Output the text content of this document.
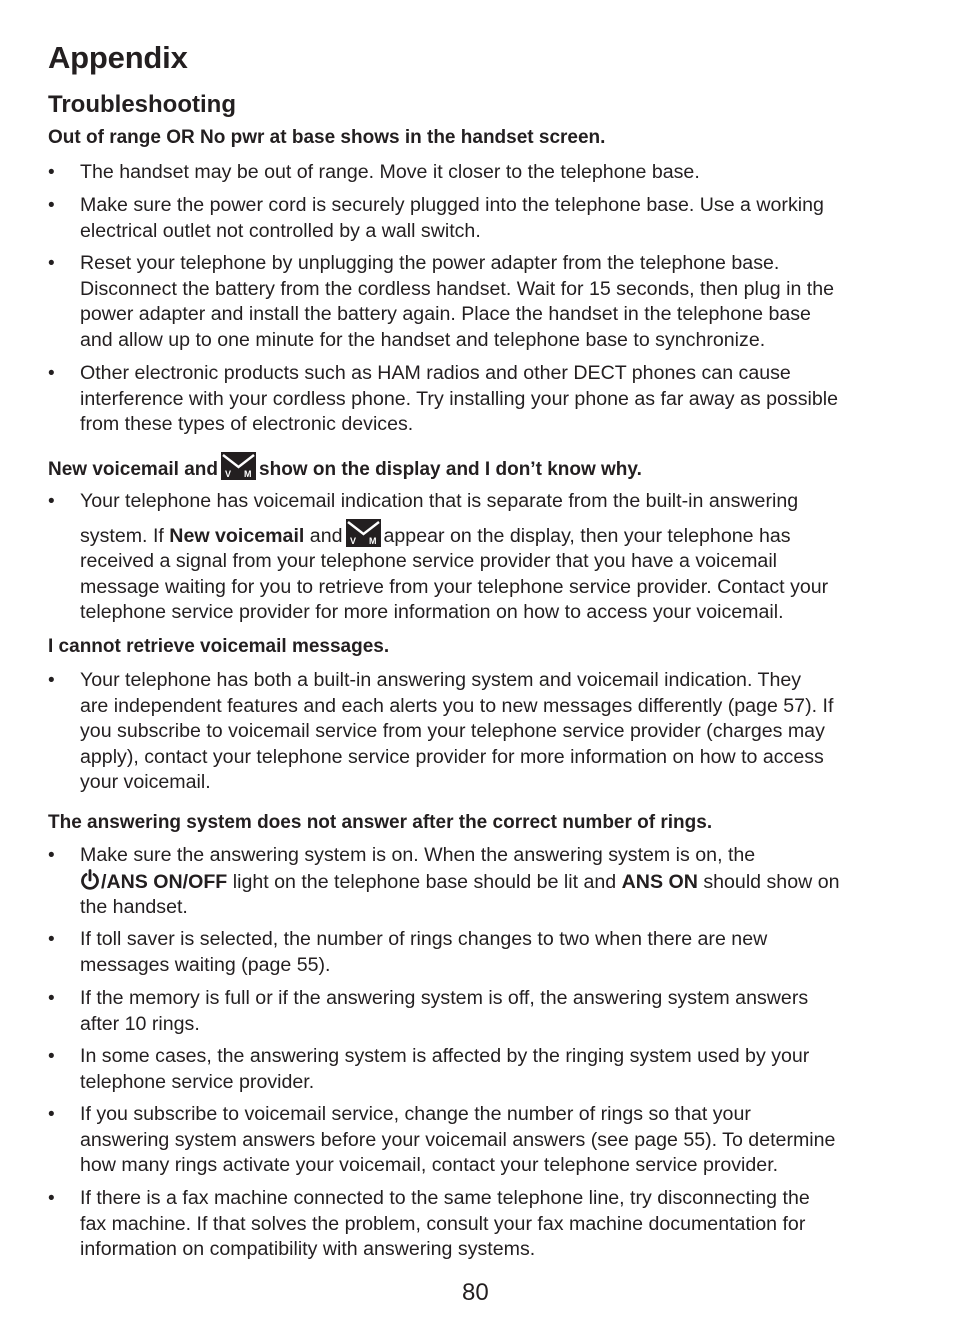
Appendix
Troubleshooting
Out of range OR No pwr at base shows in the handset screen.
• The handset may be out of range. Move it closer to the telephone base.
• Make sure the power cord is securely plugged into the telephone base. Use a working
electrical outlet not controlled by a wall switch.
• Reset your telephone by unplugging the power adapter from the telephone base.
Disconnect the battery from the cordless handset. Wait for 15 seconds, then plug in the
power adapter and install the battery again. Place the handset in the telephone base
and allow up to one minute for the handset and telephone base to synchronize.
• Other electronic products such as HAM radios and other DECT phones can cause
interference with your cordless phone. Try installing your phone as far away as possible
from these types of electronic devices.
New voicemail and V M show on the display and I don’t know why.
• Your telephone has voicemail indication that is separate from the built-in answering
system. If New voicemail and V M appear on the display, then your telephone has
received a signal from your telephone service provider that you have a voicemail
message waiting for you to retrieve from your telephone service provider. Contact your
telephone service provider for more information on how to access your voicemail.
I cannot retrieve voicemail messages.
• Your telephone has both a built-in answering system and voicemail indication. They
are independent features and each alerts you to new messages differently (page 57). If
you subscribe to voicemail service from your telephone service provider (charges may
apply), contact your telephone service provider for more information on how to access
your voicemail.
The answering system does not answer after the correct number of rings.
• Make sure the answering system is on. When the answering system is on, the
/ANS ON/OFF light on the telephone base should be lit and ANS ON should show on
the handset.
• If toll saver is selected, the number of rings changes to two when there are new
messages waiting (page 55).
• If the memory is full or if the answering system is off, the answering system answers
after 10 rings.
• In some cases, the answering system is affected by the ringing system used by your
telephone service provider.
• If you subscribe to voicemail service, change the number of rings so that your
answering system answers before your voicemail answers (see page 55). To determine
how many rings activate your voicemail, contact your telephone service provider.
• If there is a fax machine connected to the same telephone line, try disconnecting the
fax machine. If that solves the problem, consult your fax machine documentation for
information on compatibility with answering systems.
80
